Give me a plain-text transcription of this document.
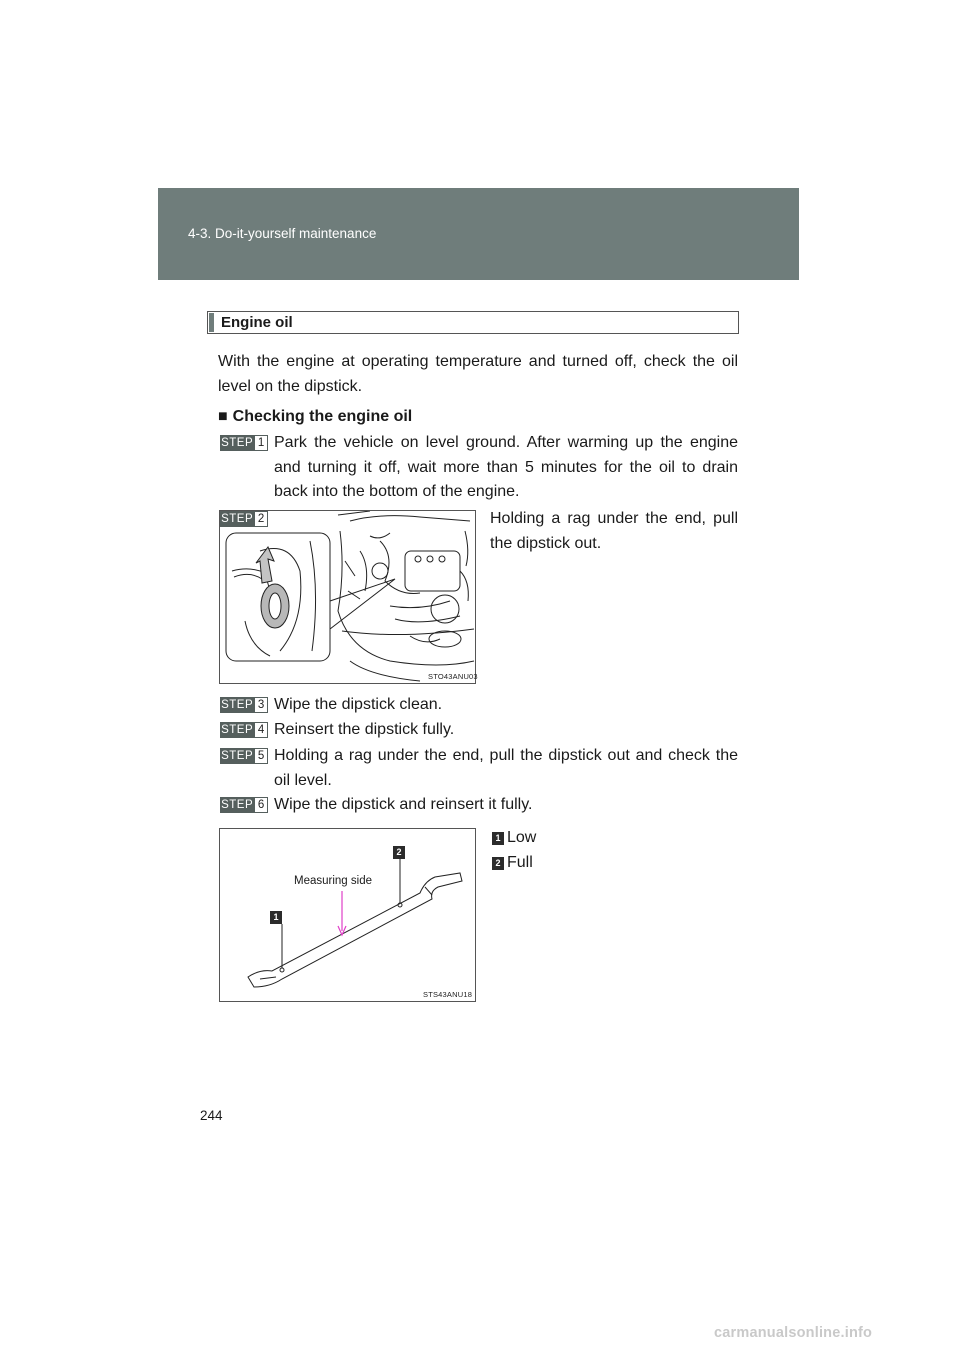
4-3. Do-it-yourself maintenance
Engine oil
With the engine at operating temperature and turned off, check the oil level on the dipstick.
■ Checking the engine oil
STEP 1 Park the vehicle on level ground. After warming up the engine and turning it off, wait more than 5 minutes for the oil to drain back into the bottom of the engine.
STEP 2
STO43ANU03
Holding a rag under the end, pull the dipstick out.
STEP 3 Wipe the dipstick clean.
STEP 4 Reinsert the dipstick fully.
STEP 5 Holding a rag under the end, pull the dipstick out and check the oil level.
STEP 6 Wipe the dipstick and reinsert it fully.
1
2
Measuring side
STS43ANU18
1 Low
2 Full
244
carmanualsonline.info
